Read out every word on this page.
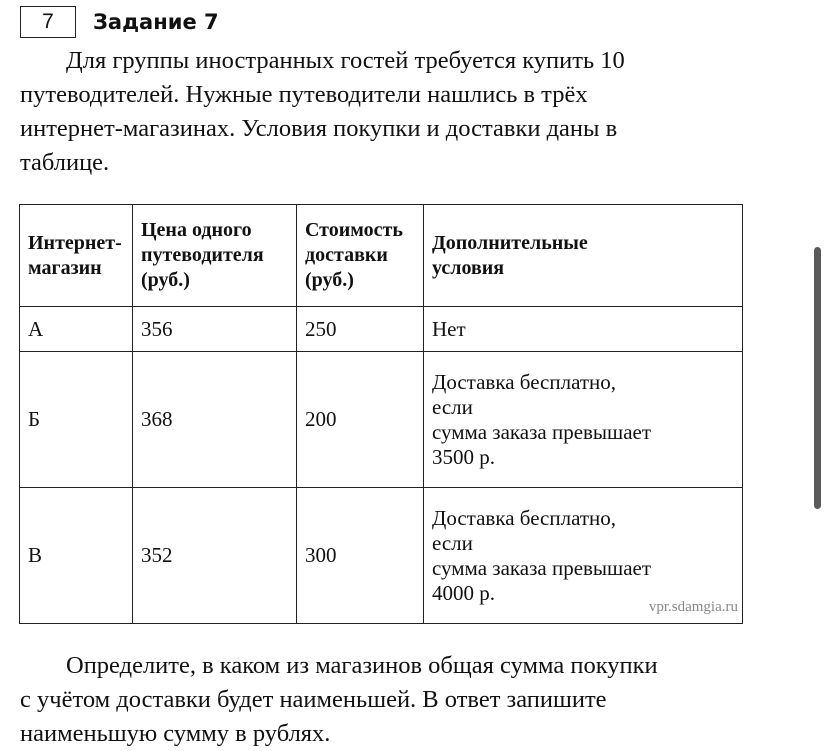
7	Задание 7

Для группы иностранных гостей требуется купить 10
путеводителей. Нужные путеводители нашлись в трёх
интернет-магазинах. Условия покупки и доставки даны в
таблице.

Интернет-
магазин	Цена одного
путеводителя
(руб.)	Стоимость
доставки
(руб.)	Дополнительные
условия
А	356	250	Нет
Б	368	200	Доставка бесплатно,
если
сумма заказа превышает
3500 р.
В	352	300	Доставка бесплатно,
если
сумма заказа превышает
4000 р.
vpr.sdamgia.ru

Определите, в каком из магазинов общая сумма покупки
с учётом доставки будет наименьшей. В ответ запишите
наименьшую сумму в рублях.
